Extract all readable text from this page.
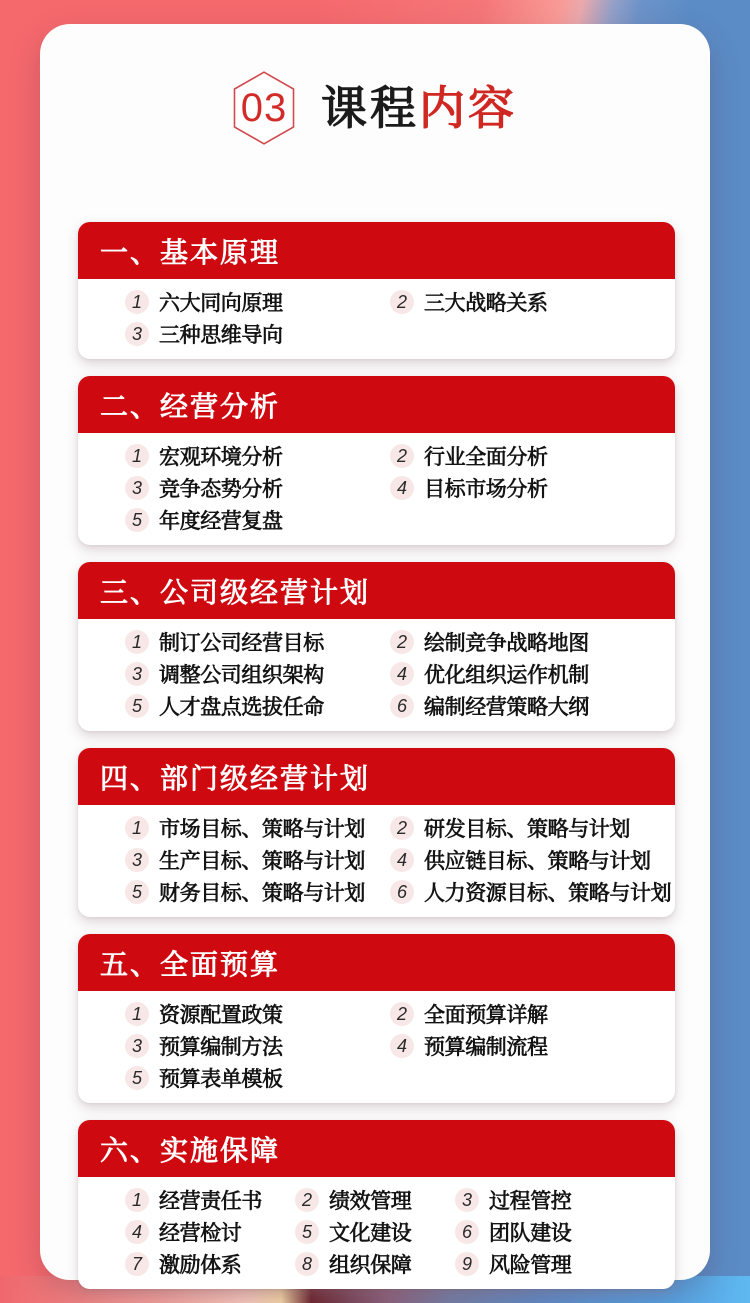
03 课程内容
一、基本原理
1 六大同向原理	2 三大战略关系
3 三种思维导向
二、经营分析
1 宏观环境分析	2 行业全面分析
3 竞争态势分析	4 目标市场分析
5 年度经营复盘
三、公司级经营计划
1 制订公司经营目标	2 绘制竞争战略地图
3 调整公司组织架构	4 优化组织运作机制
5 人才盘点选拔任命	6 编制经营策略大纲
四、部门级经营计划
1 市场目标、策略与计划	2 研发目标、策略与计划
3 生产目标、策略与计划	4 供应链目标、策略与计划
5 财务目标、策略与计划	6 人力资源目标、策略与计划
五、全面预算
1 资源配置政策	2 全面预算详解
3 预算编制方法	4 预算编制流程
5 预算表单模板
六、实施保障
1 经营责任书	2 绩效管理	3 过程管控
4 经营检讨	5 文化建设	6 团队建设
7 激励体系	8 组织保障	9 风险管理
